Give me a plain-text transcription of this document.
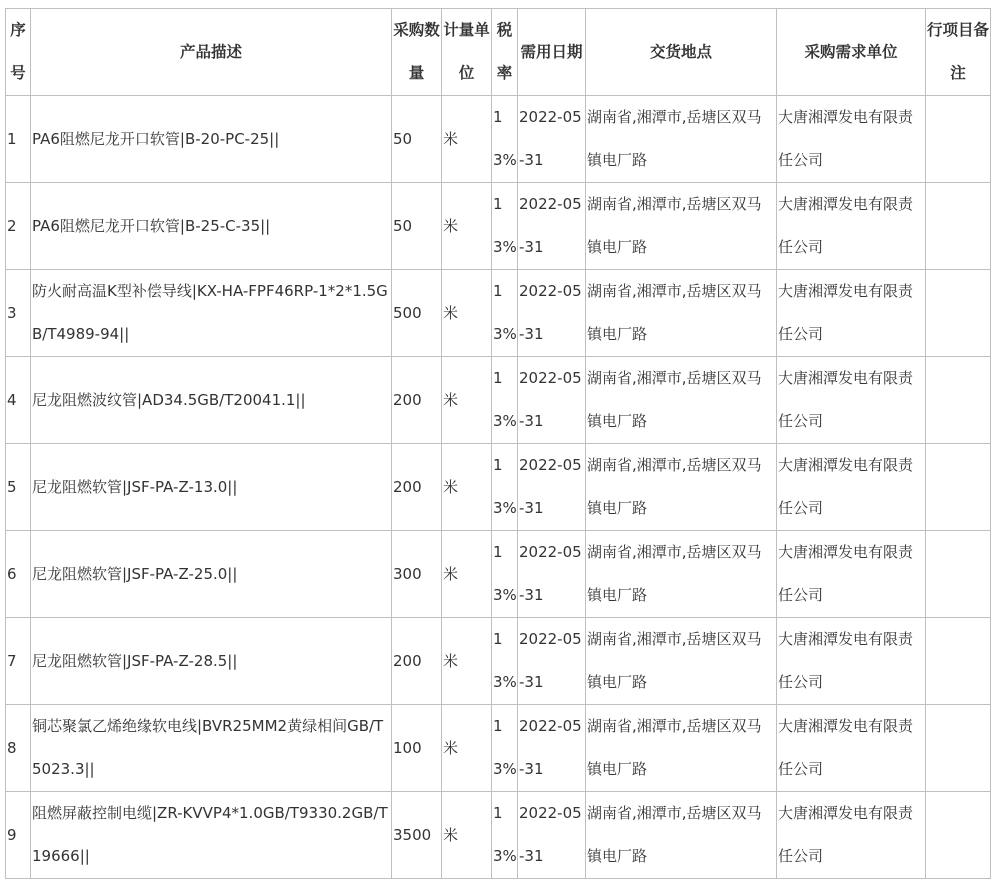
序号	产品描述	采购数量	计量单位	税率	需用日期	交货地点	采购需求单位	行项目备注
1	PA6阻燃尼龙开口软管|B-20-PC-25||	50	米	13%	2022-05-31	湖南省,湘潭市,岳塘区双马镇电厂路	大唐湘潭发电有限责任公司	
2	PA6阻燃尼龙开口软管|B-25-C-35||	50	米	13%	2022-05-31	湖南省,湘潭市,岳塘区双马镇电厂路	大唐湘潭发电有限责任公司	
3	防火耐高温K型补偿导线|KX-HA-FPF46RP-1*2*1.5GB/T4989-94||	500	米	13%	2022-05-31	湖南省,湘潭市,岳塘区双马镇电厂路	大唐湘潭发电有限责任公司	
4	尼龙阻燃波纹管|AD34.5GB/T20041.1||	200	米	13%	2022-05-31	湖南省,湘潭市,岳塘区双马镇电厂路	大唐湘潭发电有限责任公司	
5	尼龙阻燃软管|JSF-PA-Z-13.0||	200	米	13%	2022-05-31	湖南省,湘潭市,岳塘区双马镇电厂路	大唐湘潭发电有限责任公司	
6	尼龙阻燃软管|JSF-PA-Z-25.0||	300	米	13%	2022-05-31	湖南省,湘潭市,岳塘区双马镇电厂路	大唐湘潭发电有限责任公司	
7	尼龙阻燃软管|JSF-PA-Z-28.5||	200	米	13%	2022-05-31	湖南省,湘潭市,岳塘区双马镇电厂路	大唐湘潭发电有限责任公司	
8	铜芯聚氯乙烯绝缘软电线|BVR25MM2黄绿相间GB/T5023.3||	100	米	13%	2022-05-31	湖南省,湘潭市,岳塘区双马镇电厂路	大唐湘潭发电有限责任公司	
9	阻燃屏蔽控制电缆|ZR-KVVP4*1.0GB/T9330.2GB/T19666||	3500	米	13%	2022-05-31	湖南省,湘潭市,岳塘区双马镇电厂路	大唐湘潭发电有限责任公司	
